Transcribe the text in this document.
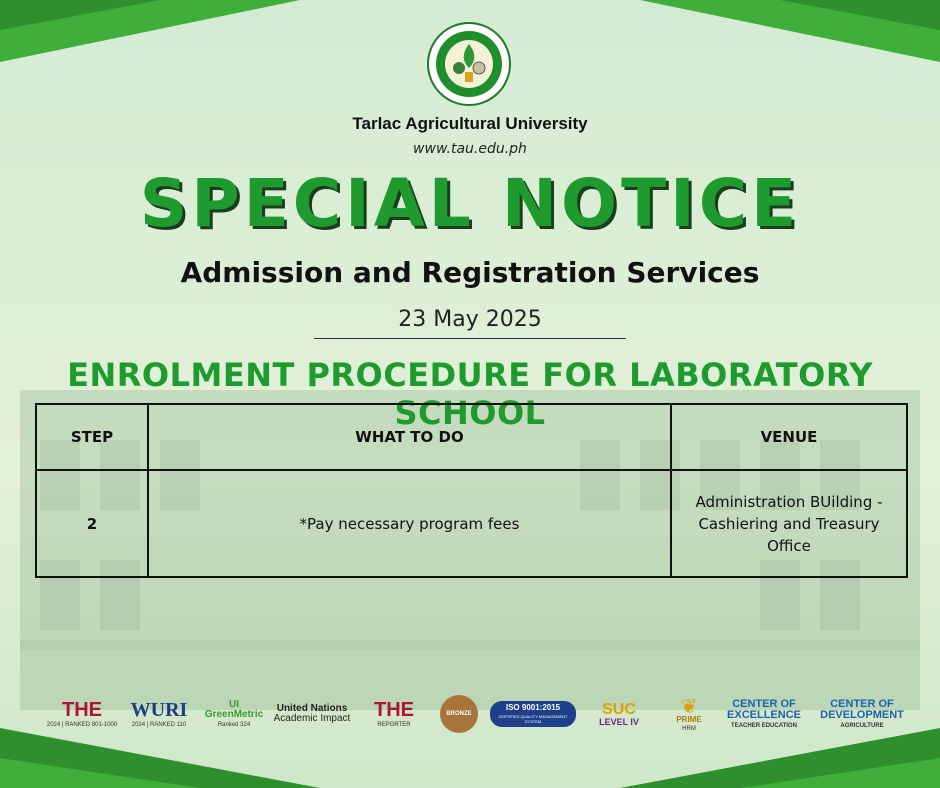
Tarlac Agricultural University
www.tau.edu.ph
SPECIAL NOTICE
Admission and Registration Services
23 May 2025
ENROLMENT PROCEDURE FOR LABORATORY SCHOOL
STEP	WHAT TO DO	VENUE
2	*Pay necessary program fees	Administration BUilding - Cashiering and Treasury Office
THE
2024 | RANKED 801-1000
WURI
2024 | RANKED 110
UI GreenMetric
Ranked 324
United Nations
Academic Impact THE
REPORTER
BRONZE
ISO 9001:2015
CERTIFIED QUALITY MANAGEMENT SYSTEM
SUC
LEVEL IV
❦
PRIME
HRM
CENTER OF EXCELLENCE
TEACHER EDUCATION
CENTER OF DEVELOPMENT
AGRICULTURE
